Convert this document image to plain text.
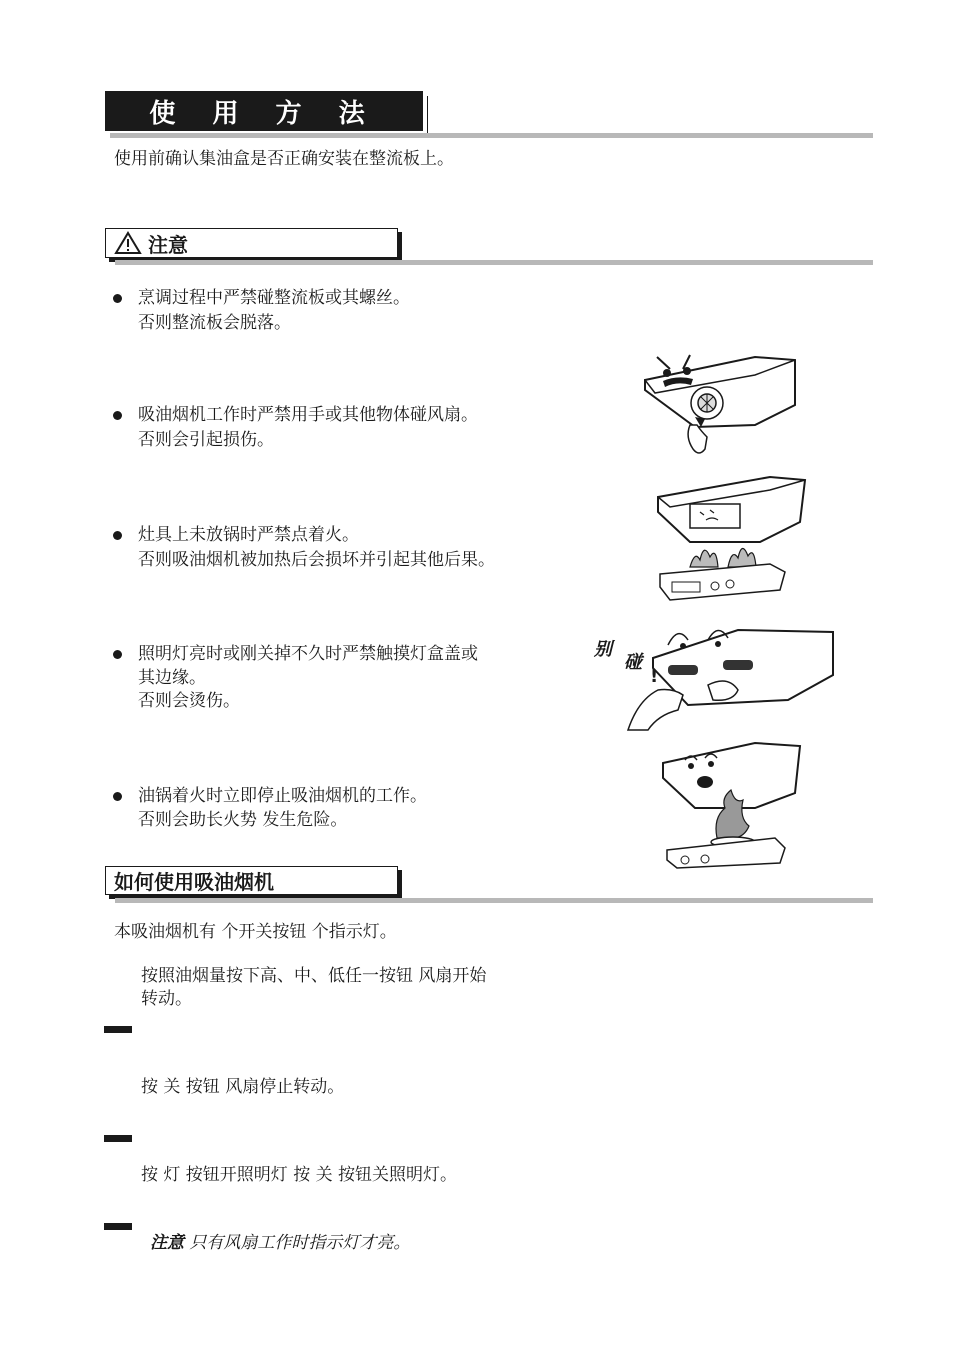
使 用 方 法
使用前确认集油盒是否正确安装在整流板上。
注意
烹调过程中严禁碰整流板或其螺丝。
否则整流板会脱落。
吸油烟机工作时严禁用手或其他物体碰风扇。
否则会引起损伤。
灶具上未放锅时严禁点着火。
否则吸油烟机被加热后会损坏并引起其他后果。
照明灯亮时或刚关掉不久时严禁触摸灯盒盖或
其边缘。
否则会烫伤。
油锅着火时立即停止吸油烟机的工作。
否则会助长火势 发生危险。
别
碰
!
如何使用吸油烟机
本吸油烟机有 个开关按钮 个指示灯。
按照油烟量按下高、中、低任一按钮 风扇开始
转动。
按 关 按钮 风扇停止转动。
按 灯 按钮开照明灯 按 关 按钮关照明灯。
注意 只有风扇工作时指示灯才亮。
